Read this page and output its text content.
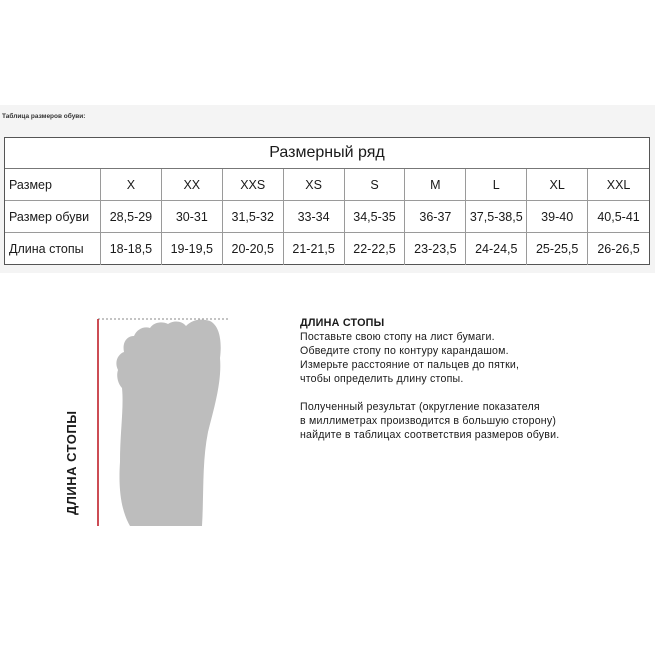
Таблица размеров обуви:
Размерный ряд
Размер	X	XX	XXS	XS	S	M	L	XL	XXL
Размер обуви	28,5-29	30-31	31,5-32	33-34	34,5-35	36-37	37,5-38,5	39-40	40,5-41
Длина стопы	18-18,5	19-19,5	20-20,5	21-21,5	22-22,5	23-23,5	24-24,5	25-25,5	26-26,5
ДЛИНА СТОПЫ
ДЛИНА СТОПЫ

Поставьте свою стопу на лист бумаги.

Обведите стопу по контуру карандашом.

Измерьте расстояние от пальцев до пятки,

чтобы определить длину стопы.

Полученный результат (округление показателя

в миллиметрах производится в большую сторону)

найдите в таблицах соответствия размеров обуви.
